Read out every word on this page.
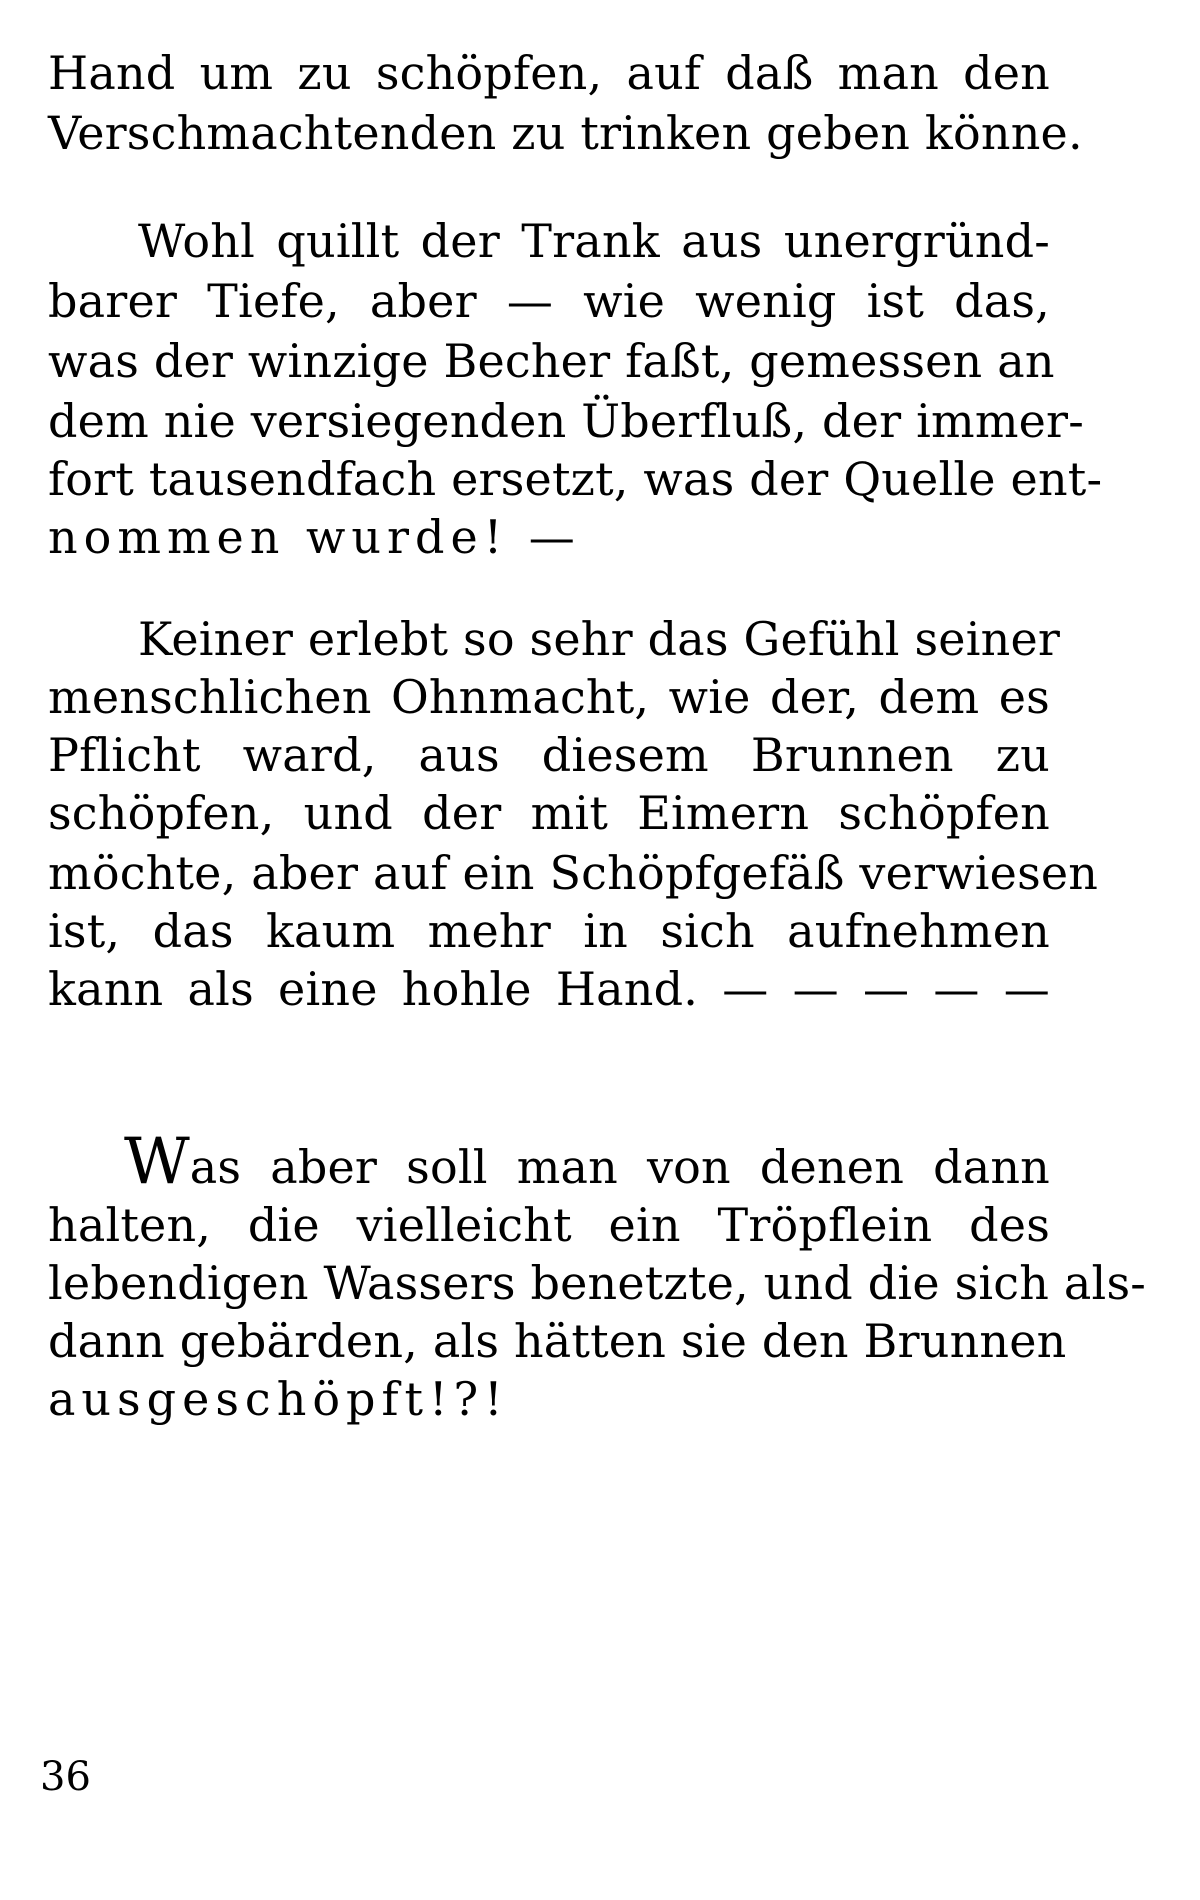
Hand um zu schöpfen, auf daß man den
Verschmachtenden zu trinken geben könne.
Wohl quillt der Trank aus unergründ-
barer Tiefe, aber — wie wenig ist das,
was der winzige Becher faßt, gemessen an
dem nie versiegenden Überfluß, der immer-
fort tausendfach ersetzt, was der Quelle ent-
nommen wurde! —
Keiner erlebt so sehr das Gefühl seiner
menschlichen Ohnmacht, wie der, dem es
Pflicht ward, aus diesem Brunnen zu
schöpfen, und der mit Eimern schöpfen
möchte, aber auf ein Schöpfgefäß verwiesen
ist, das kaum mehr in sich aufnehmen
kann als eine hohle Hand. — — — — —
Was aber soll man von denen dann
halten, die vielleicht ein Tröpflein des
lebendigen Wassers benetzte, und die sich als-
dann gebärden, als hätten sie den Brunnen
ausgeschöpft!?!
36
